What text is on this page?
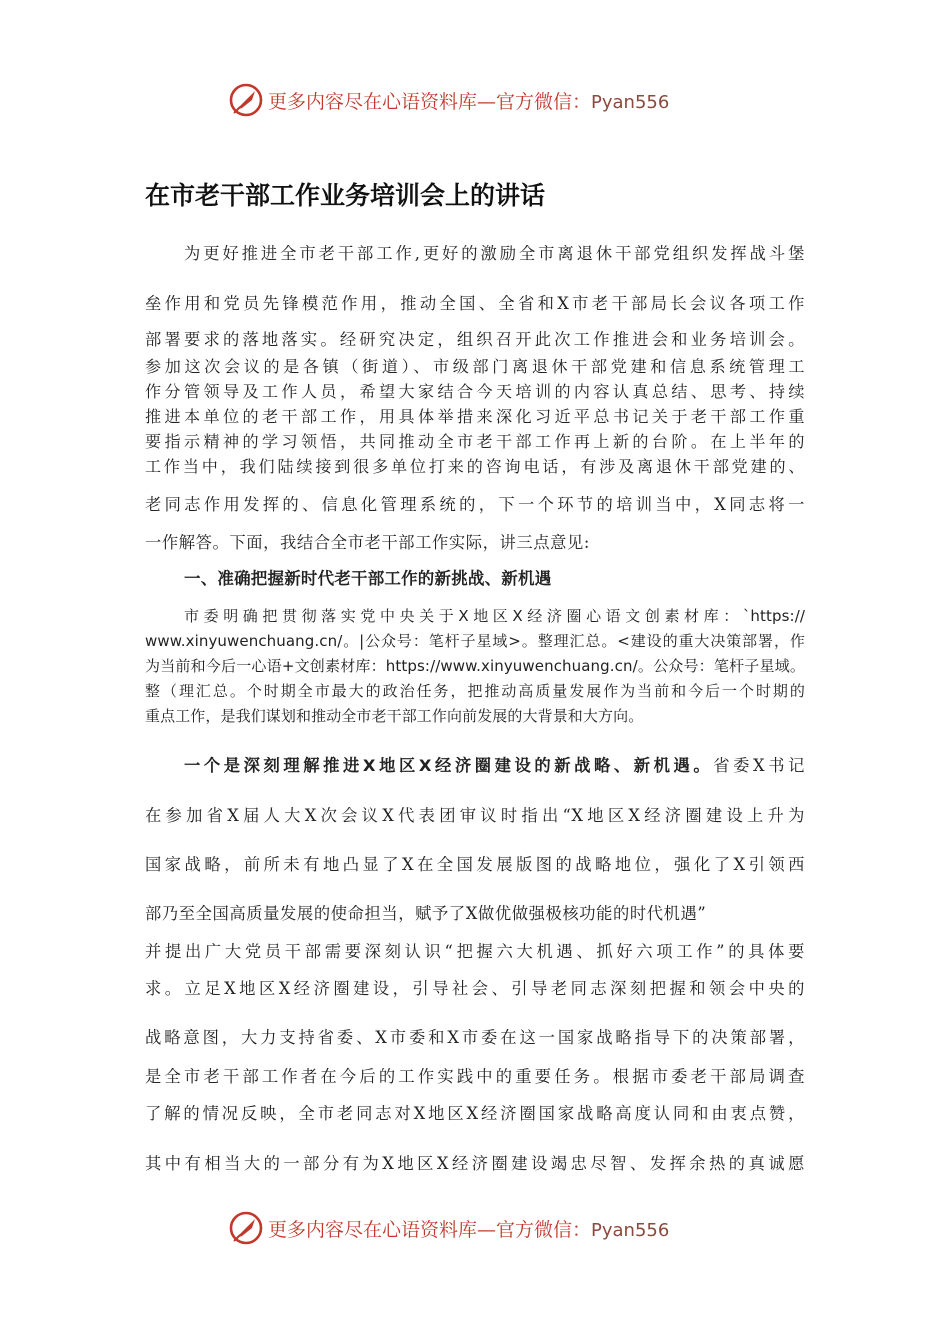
更多内容尽在心语资料库—官方微信：Pyan556
在市老干部工作业务培训会上的讲话
为更好推进全市老干部工作,更好的激励全市离退休干部党组织发挥战斗堡
垒作用和党员先锋模范作用，推动全国、全省和X市老干部局长会议各项工作
部署要求的落地落实。经研究决定，组织召开此次工作推进会和业务培训会。
参加这次会议的是各镇（街道）、市级部门离退休干部党建和信息系统管理工
作分管领导及工作人员，希望大家结合今天培训的内容认真总结、思考、持续
推进本单位的老干部工作，用具体举措来深化习近平总书记关于老干部工作重
要指示精神的学习领悟，共同推动全市老干部工作再上新的台阶。在上半年的
工作当中，我们陆续接到很多单位打来的咨询电话，有涉及离退休干部党建的、
老同志作用发挥的、信息化管理系统的，下一个环节的培训当中，X同志将一
一作解答。下面，我结合全市老干部工作实际，讲三点意见:
一、准确把握新时代老干部工作的新挑战、新机遇
市委明确把贯彻落实党中央关于X地区X经济圈心语文创素材库：`https://
www.xinyuwenchuang.cn/。|公众号：笔杆子星域>。整理汇总。<建设的重大决策部署，作
为当前和今后一心语+文创素材库：https://www.xinyuwenchuang.cn/。公众号：笔杆子星域。
整（理汇总。个时期全市最大的政治任务，把推动高质量发展作为当前和今后一个时期的
重点工作，是我们谋划和推动全市老干部工作向前发展的大背景和大方向。
一个是深刻理解推进X地区X经济圈建设的新战略、新机遇。省委X书记
在参加省X届人大X次会议X代表团审议时指出“X地区X经济圈建设上升为
国家战略，前所未有地凸显了X在全国发展版图的战略地位，强化了X引领西
部乃至全国高质量发展的使命担当，赋予了X做优做强极核功能的时代机遇”
并提出广大党员干部需要深刻认识“把握六大机遇、抓好六项工作”的具体要
求。立足X地区X经济圈建设，引导社会、引导老同志深刻把握和领会中央的
战略意图，大力支持省委、X市委和X市委在这一国家战略指导下的决策部署，
是全市老干部工作者在今后的工作实践中的重要任务。根据市委老干部局调查
了解的情况反映，全市老同志对X地区X经济圈国家战略高度认同和由衷点赞，
其中有相当大的一部分有为X地区X经济圈建设竭忠尽智、发挥余热的真诚愿
更多内容尽在心语资料库—官方微信：Pyan556
